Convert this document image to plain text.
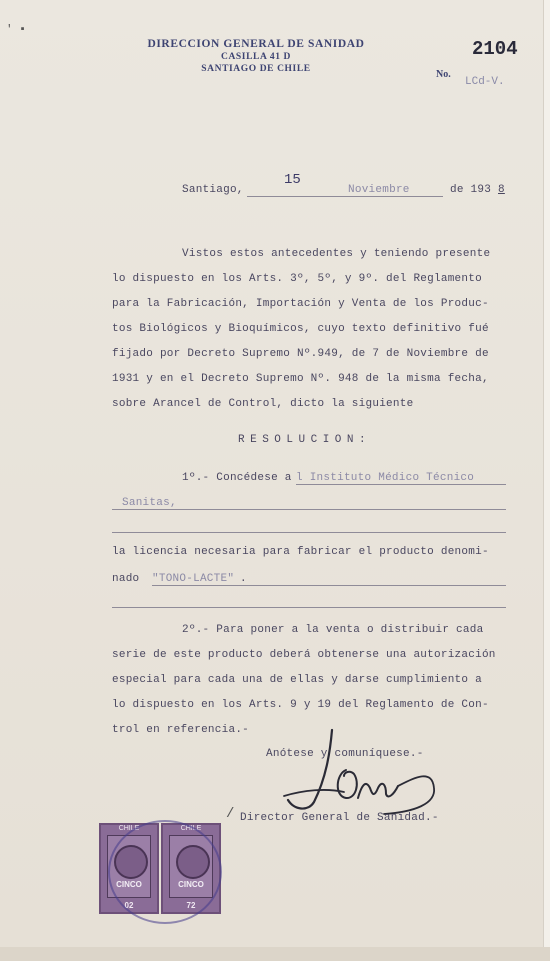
' ▪
DIRECCION GENERAL DE SANIDAD
CASILLA 41 D
SANTIAGO DE CHILE
2104
No.
LCd-V.
Santiago,
15
Noviembre	de 193 8
Vistos estos antecedentes y teniendo presente
lo dispuesto en los Arts. 3º, 5º, y 9º. del Reglamento
para la Fabricación, Importación y Venta de los Produc-
tos Biológicos y Bioquímicos, cuyo texto definitivo fué
fijado por Decreto Supremo Nº.949, de 7 de Noviembre de
1931 y en el Decreto Supremo Nº. 948 de la misma fecha,
sobre Arancel de Control, dicto la siguiente
RESOLUCION:
1º.- Concédese a l Instituto Médico Técnico
Sanitas,
la licencia necesaria para fabricar el producto denomi-
nado "TONO-LACTE" .
2º.- Para poner a la venta o distribuir cada
serie de este producto deberá obtenerse una autorización
especial para cada una de ellas y darse cumplimiento a
lo dispuesto en los Arts. 9 y 19 del Reglamento de Con-
trol en referencia.-
Anótese y comuníquese.-
/ Director General de Sanidad.-
CHILE
CINCO
02
CHILE
CINCO
72
